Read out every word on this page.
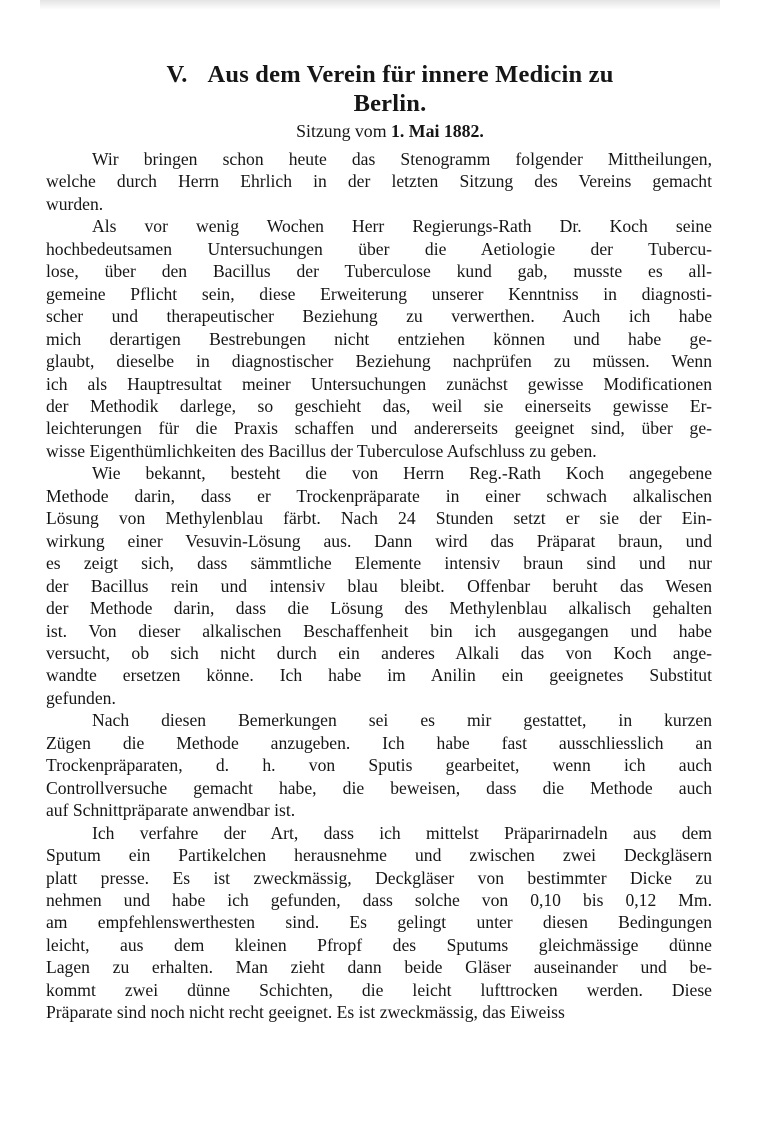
V. Aus dem Verein für innere Medicin zu
Berlin.
Sitzung vom 1. Mai 1882.
Wir bringen schon heute das Stenogramm folgender Mittheilungen,
welche durch Herrn Ehrlich in der letzten Sitzung des Vereins gemacht
wurden.
Als vor wenig Wochen Herr Regierungs-Rath Dr. Koch seine
hochbedeutsamen Untersuchungen über die Aetiologie der Tubercu-
lose, über den Bacillus der Tuberculose kund gab, musste es all-
gemeine Pflicht sein, diese Erweiterung unserer Kenntniss in diagnosti-
scher und therapeutischer Beziehung zu verwerthen. Auch ich habe
mich derartigen Bestrebungen nicht entziehen können und habe ge-
glaubt, dieselbe in diagnostischer Beziehung nachprüfen zu müssen. Wenn
ich als Hauptresultat meiner Untersuchungen zunächst gewisse Modificationen
der Methodik darlege, so geschieht das, weil sie einerseits gewisse Er-
leichterungen für die Praxis schaffen und andererseits geeignet sind, über ge-
wisse Eigenthümlichkeiten des Bacillus der Tuberculose Aufschluss zu geben.
Wie bekannt, besteht die von Herrn Reg.-Rath Koch angegebene
Methode darin, dass er Trockenpräparate in einer schwach alkalischen
Lösung von Methylenblau färbt. Nach 24 Stunden setzt er sie der Ein-
wirkung einer Vesuvin-Lösung aus. Dann wird das Präparat braun, und
es zeigt sich, dass sämmtliche Elemente intensiv braun sind und nur
der Bacillus rein und intensiv blau bleibt. Offenbar beruht das Wesen
der Methode darin, dass die Lösung des Methylenblau alkalisch gehalten
ist. Von dieser alkalischen Beschaffenheit bin ich ausgegangen und habe
versucht, ob sich nicht durch ein anderes Alkali das von Koch ange-
wandte ersetzen könne. Ich habe im Anilin ein geeignetes Substitut
gefunden.
Nach diesen Bemerkungen sei es mir gestattet, in kurzen
Zügen die Methode anzugeben. Ich habe fast ausschliesslich an
Trockenpräparaten, d. h. von Sputis gearbeitet, wenn ich auch
Controllversuche gemacht habe, die beweisen, dass die Methode auch
auf Schnittpräparate anwendbar ist.
Ich verfahre der Art, dass ich mittelst Präparirnadeln aus dem
Sputum ein Partikelchen herausnehme und zwischen zwei Deckgläsern
platt presse. Es ist zweckmässig, Deckgläser von bestimmter Dicke zu
nehmen und habe ich gefunden, dass solche von 0,10 bis 0,12 Mm.
am empfehlenswerthesten sind. Es gelingt unter diesen Bedingungen
leicht, aus dem kleinen Pfropf des Sputums gleichmässige dünne
Lagen zu erhalten. Man zieht dann beide Gläser auseinander und be-
kommt zwei dünne Schichten, die leicht lufttrocken werden. Diese
Präparate sind noch nicht recht geeignet. Es ist zweckmässig, das Eiweiss
